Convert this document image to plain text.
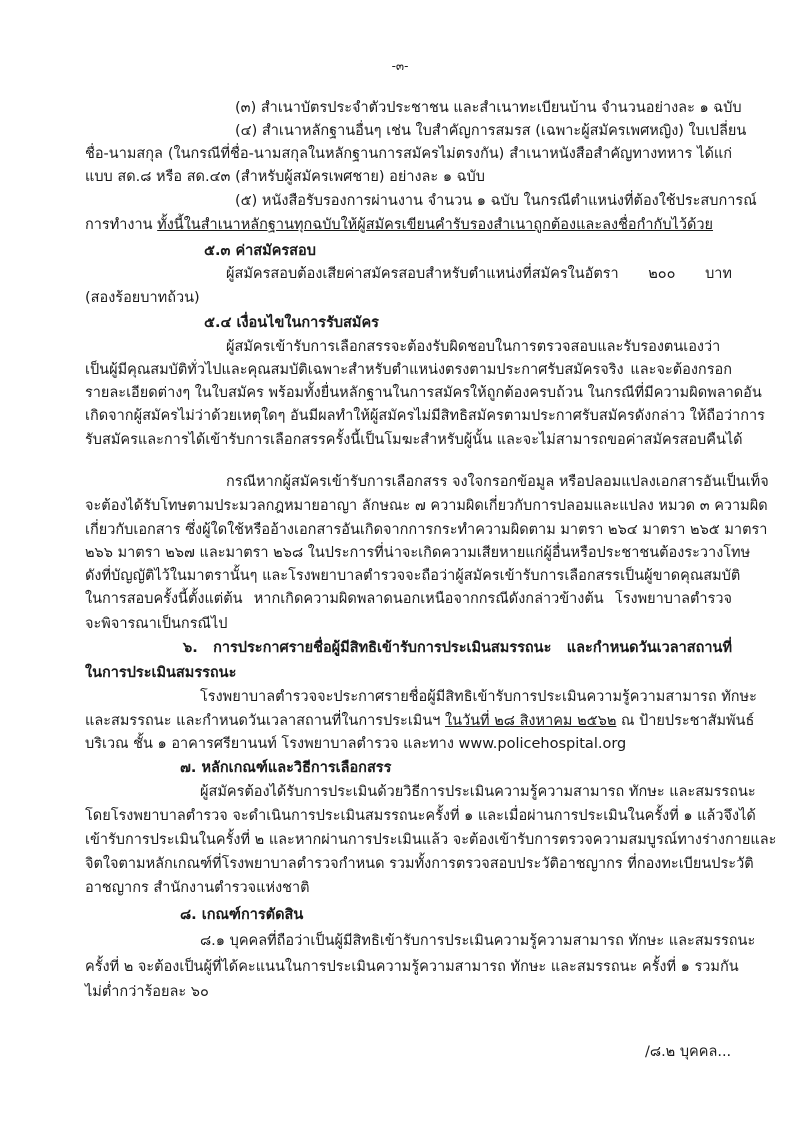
-๓-
(๓) สำเนาบัตรประจำตัวประชาชน และสำเนาทะเบียนบ้าน จำนวนอย่างละ ๑ ฉบับ
(๔) สำเนาหลักฐานอื่นๆ เช่น ใบสำคัญการสมรส (เฉพาะผู้สมัครเพศหญิง) ใบเปลี่ยน
ชื่อ-นามสกุล (ในกรณีที่ชื่อ-นามสกุลในหลักฐานการสมัครไม่ตรงกัน) สำเนาหนังสือสำคัญทางทหาร ได้แก่
แบบ สด.๘ หรือ สด.๔๓ (สำหรับผู้สมัครเพศชาย) อย่างละ ๑ ฉบับ
(๕) หนังสือรับรองการผ่านงาน จำนวน ๑ ฉบับ ในกรณีตำแหน่งที่ต้องใช้ประสบการณ์
การทำงาน ทั้งนี้ในสำเนาหลักฐานทุกฉบับให้ผู้สมัครเขียนคำรับรองสำเนาถูกต้องและลงชื่อกำกับไว้ด้วย
๕.๓ ค่าสมัครสอบ
ผู้สมัครสอบต้องเสียค่าสมัครสอบสำหรับตำแหน่งที่สมัครในอัตรา ๒๐๐ บาท
(สองร้อยบาทถ้วน)
๕.๔ เงื่อนไขในการรับสมัคร
ผู้สมัครเข้ารับการเลือกสรรจะต้องรับผิดชอบในการตรวจสอบและรับรองตนเองว่า
เป็นผู้มีคุณสมบัติทั่วไปและคุณสมบัติเฉพาะสำหรับตำแหน่งตรงตามประกาศรับสมัครจริง และจะต้องกรอก
รายละเอียดต่างๆ ในใบสมัคร พร้อมทั้งยื่นหลักฐานในการสมัครให้ถูกต้องครบถ้วน ในกรณีที่มีความผิดพลาดอัน
เกิดจากผู้สมัครไม่ว่าด้วยเหตุใดๆ อันมีผลทำให้ผู้สมัครไม่มีสิทธิสมัครตามประกาศรับสมัครดังกล่าว ให้ถือว่าการ
รับสมัครและการได้เข้ารับการเลือกสรรครั้งนี้เป็นโมฆะสำหรับผู้นั้น และจะไม่สามารถขอค่าสมัครสอบคืนได้
กรณีหากผู้สมัครเข้ารับการเลือกสรร จงใจกรอกข้อมูล หรือปลอมแปลงเอกสารอันเป็นเท็จ
จะต้องได้รับโทษตามประมวลกฎหมายอาญา ลักษณะ ๗ ความผิดเกี่ยวกับการปลอมและแปลง หมวด ๓ ความผิด
เกี่ยวกับเอกสาร ซึ่งผู้ใดใช้หรืออ้างเอกสารอันเกิดจากการกระทำความผิดตาม มาตรา ๒๖๔ มาตรา ๒๖๕ มาตรา
๒๖๖ มาตรา ๒๖๗ และมาตรา ๒๖๘ ในประการที่น่าจะเกิดความเสียหายแก่ผู้อื่นหรือประชาชนต้องระวางโทษ
ดังที่บัญญัติไว้ในมาตรานั้นๆ และโรงพยาบาลตำรวจจะถือว่าผู้สมัครเข้ารับการเลือกสรรเป็นผู้ขาดคุณสมบัติ
ในการสอบครั้งนี้ตั้งแต่ต้น หากเกิดความผิดพลาดนอกเหนือจากกรณีดังกล่าวข้างต้น โรงพยาบาลตำรวจ
จะพิจารณาเป็นกรณีไป
๖. การประกาศรายชื่อผู้มีสิทธิเข้ารับการประเมินสมรรถนะ และกำหนดวันเวลาสถานที่
ในการประเมินสมรรถนะ
โรงพยาบาลตำรวจจะประกาศรายชื่อผู้มีสิทธิเข้ารับการประเมินความรู้ความสามารถ ทักษะ
และสมรรถนะ และกำหนดวันเวลาสถานที่ในการประเมินฯ ในวันที่ ๒๘ สิงหาคม ๒๕๖๒ ณ ป้ายประชาสัมพันธ์
บริเวณ ชั้น ๑ อาคารศรียานนท์ โรงพยาบาลตำรวจ และทาง www.policehospital.org
๗. หลักเกณฑ์และวิธีการเลือกสรร
ผู้สมัครต้องได้รับการประเมินด้วยวิธีการประเมินความรู้ความสามารถ ทักษะ และสมรรถนะ
โดยโรงพยาบาลตำรวจ จะดำเนินการประเมินสมรรถนะครั้งที่ ๑ และเมื่อผ่านการประเมินในครั้งที่ ๑ แล้วจึงได้
เข้ารับการประเมินในครั้งที่ ๒ และหากผ่านการประเมินแล้ว จะต้องเข้ารับการตรวจความสมบูรณ์ทางร่างกายและ
จิตใจตามหลักเกณฑ์ที่โรงพยาบาลตำรวจกำหนด รวมทั้งการตรวจสอบประวัติอาชญากร ที่กองทะเบียนประวัติ
อาชญากร สำนักงานตำรวจแห่งชาติ
๘. เกณฑ์การตัดสิน
๘.๑ บุคคลที่ถือว่าเป็นผู้มีสิทธิเข้ารับการประเมินความรู้ความสามารถ ทักษะ และสมรรถนะ
ครั้งที่ ๒ จะต้องเป็นผู้ที่ได้คะแนนในการประเมินความรู้ความสามารถ ทักษะ และสมรรถนะ ครั้งที่ ๑ รวมกัน
ไม่ต่ำกว่าร้อยละ ๖๐
/๘.๒ บุคคล...
